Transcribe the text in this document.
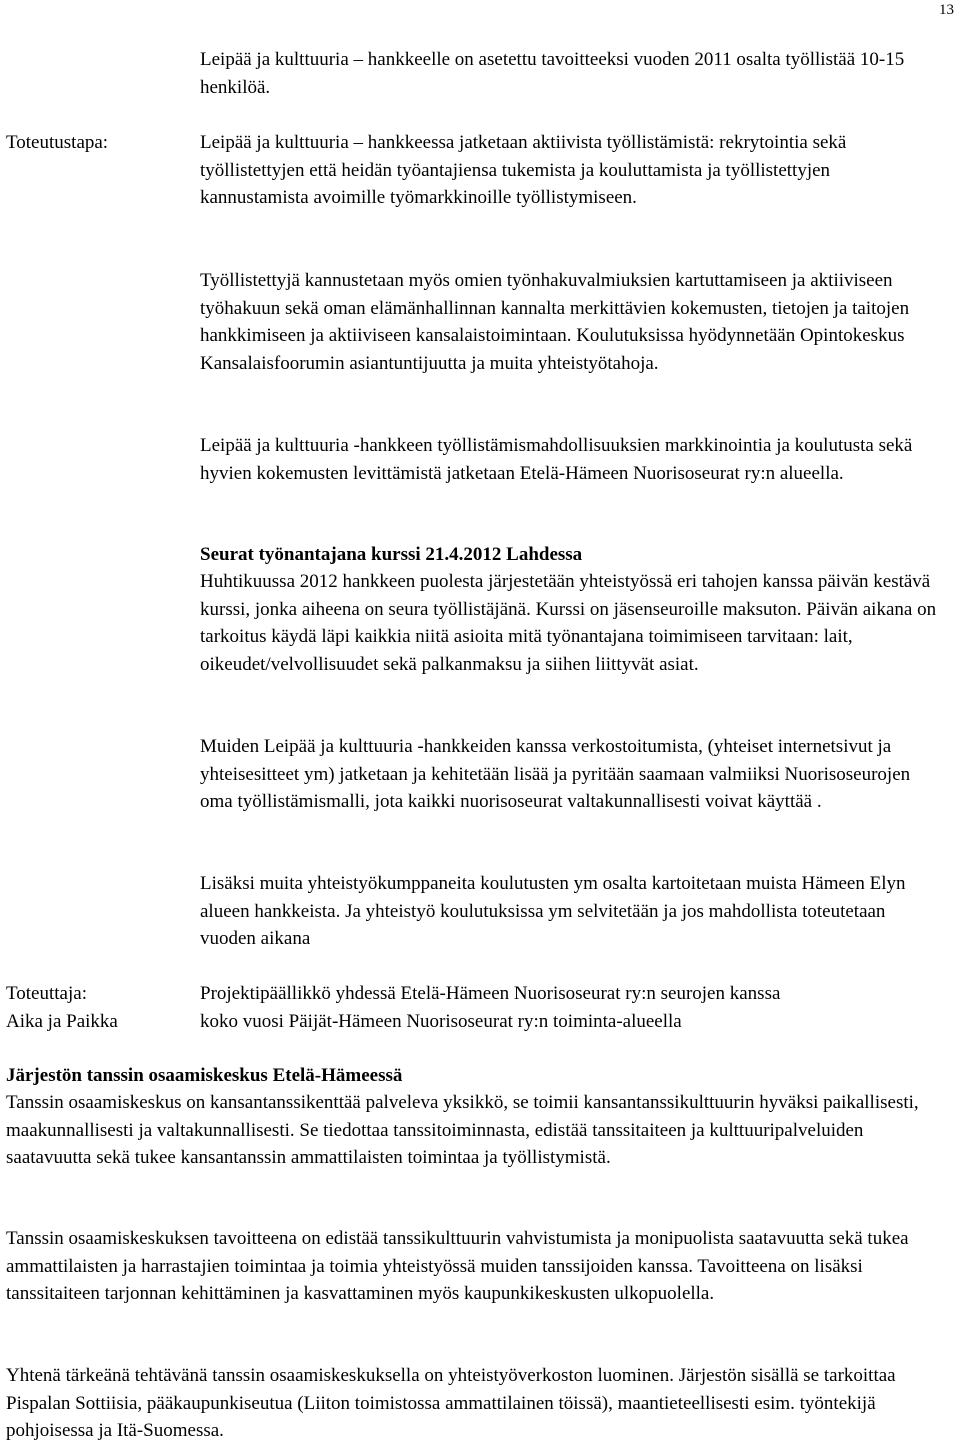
13

Leipää ja kulttuuria – hankkeelle on asetettu tavoitteeksi vuoden 2011 osalta työllistää 10-15 henkilöä.

Toteutustapa:	Leipää ja kulttuuria – hankkeessa jatketaan aktiivista työllistämistä: rekrytointia sekä työllistettyjen että heidän työantajiensa tukemista ja kouluttamista ja työllistettyjen kannustamista avoimille työmarkkinoille työllistymiseen.

Työllistettyjä kannustetaan myös omien työnhakuvalmiuksien kartuttamiseen ja aktiiviseen työhakuun sekä oman elämänhallinnan kannalta merkittävien kokemusten, tietojen ja taitojen hankkimiseen ja aktiiviseen kansalaistoimintaan. Koulutuksissa hyödynnetään Opintokeskus Kansalaisfoorumin asiantuntijuutta ja muita yhteistyötahoja.

Leipää ja kulttuuria -hankkeen työllistämismahdollisuuksien markkinointia ja koulutusta sekä hyvien kokemusten levittämistä jatketaan Etelä-Hämeen Nuorisoseurat ry:n alueella.

Seurat työnantajana kurssi 21.4.2012 Lahdessa

Huhtikuussa 2012 hankkeen puolesta järjestetään yhteistyössä eri tahojen kanssa päivän kestävä kurssi, jonka aiheena on seura työllistäjänä. Kurssi on jäsenseuroille maksuton. Päivän aikana on tarkoitus käydä läpi kaikkia niitä asioita mitä työnantajana toimimiseen tarvitaan: lait, oikeudet/velvollisuudet sekä palkanmaksu ja siihen liittyvät asiat.

Muiden Leipää ja kulttuuria -hankkeiden kanssa verkostoitumista, (yhteiset internetsivut ja yhteisesitteet ym) jatketaan ja kehitetään lisää ja pyritään saamaan valmiiksi Nuorisoseurojen oma työllistämismalli, jota kaikki nuorisoseurat valtakunnallisesti voivat käyttää .

Lisäksi muita yhteistyökumppaneita koulutusten ym osalta kartoitetaan muista Hämeen Elyn alueen hankkeista. Ja yhteistyö koulutuksissa ym selvitetään ja jos mahdollista toteutetaan vuoden aikana

Toteuttaja:

Aika ja Paikka

Projektipäällikkö yhdessä Etelä-Hämeen Nuorisoseurat ry:n seurojen kanssa

koko vuosi Päijät-Hämeen Nuorisoseurat ry:n toiminta-alueella

Järjestön tanssin osaamiskeskus Etelä-Hämeessä

Tanssin osaamiskeskus on kansantanssikenttää palveleva yksikkö, se toimii kansantanssikulttuurin hyväksi paikallisesti, maakunnallisesti ja valtakunnallisesti. Se tiedottaa tanssitoiminnasta, edistää tanssitaiteen ja kulttuuripalveluiden saatavuutta sekä tukee kansantanssin ammattilaisten toimintaa ja työllistymistä.

Tanssin osaamiskeskuksen tavoitteena on edistää tanssikulttuurin vahvistumista ja monipuolista saatavuutta sekä tukea ammattilaisten ja harrastajien toimintaa ja toimia yhteistyössä muiden tanssijoiden kanssa. Tavoitteena on lisäksi tanssitaiteen tarjonnan kehittäminen ja kasvattaminen myös kaupunkikeskusten ulkopuolella.

Yhtenä tärkeänä tehtävänä tanssin osaamiskeskuksella on yhteistyöverkoston luominen. Järjestön sisällä se tarkoittaa Pispalan Sottiisia, pääkaupunkiseutua (Liiton toimistossa ammattilainen töissä), maantieteellisesti esim. työntekijä pohjoisessa ja Itä-Suomessa.
